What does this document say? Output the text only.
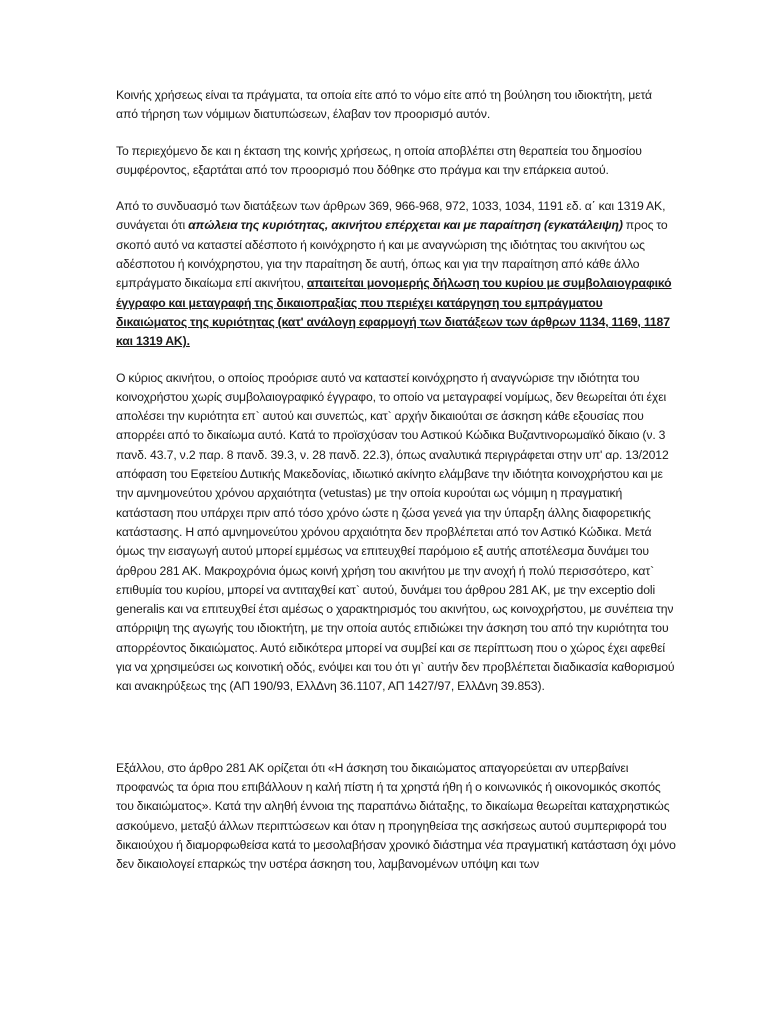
Κοινής χρήσεως είναι τα πράγματα, τα οποία είτε από το νόμο είτε από τη βούληση του ιδιοκτήτη, μετά από τήρηση των νόμιμων διατυπώσεων, έλαβαν τον προορισμό αυτόν.

Το περιεχόμενο δε και η έκταση της κοινής χρήσεως, η οποία αποβλέπει στη θεραπεία του δημοσίου συμφέροντος, εξαρτάται από τον προορισμό που δόθηκε στο πράγμα και την επάρκεια αυτού.

Από το συνδυασμό των διατάξεων των άρθρων 369, 966-968, 972, 1033, 1034, 1191 εδ. α΄ και 1319 ΑΚ, συνάγεται ότι απώλεια της κυριότητας, ακινήτου επέρχεται και με παραίτηση (εγκατάλειψη) προς το σκοπό αυτό να καταστεί αδέσποτο ή κοινόχρηστο ή και με αναγνώριση της ιδιότητας του ακινήτου ως αδέσποτου ή κοινόχρηστου, για την παραίτηση δε αυτή, όπως και για την παραίτηση από κάθε άλλο εμπράγματο δικαίωμα επί ακινήτου, απαιτείται μονομερής δήλωση του κυρίου με συμβολαιογραφικό έγγραφο και μεταγραφή της δικαιοπραξίας που περιέχει κατάργηση του εμπράγματου δικαιώματος της κυριότητας (κατ' ανάλογη εφαρμογή των διατάξεων των άρθρων 1134, 1169, 1187 και 1319 ΑΚ).

Ο κύριος ακινήτου, ο οποίος προόρισε αυτό να καταστεί κοινόχρηστο ή αναγνώρισε την ιδιότητα του κοινοχρήστου χωρίς συμβολαιογραφικό έγγραφο, το οποίο να μεταγραφεί νομίμως, δεν θεωρείται ότι έχει απολέσει την κυριότητα επ` αυτού και συνεπώς, κατ` αρχήν δικαιούται σε άσκηση κάθε εξουσίας που απορρέει από το δικαίωμα αυτό. Κατά το προϊσχύσαν του Αστικού Κώδικα Βυζαντινορωμαϊκό δίκαιο (ν. 3 πανδ. 43.7, ν.2 παρ. 8 πανδ. 39.3, ν. 28 πανδ. 22.3), όπως αναλυτικά περιγράφεται στην υπ' αρ. 13/2012 απόφαση του Εφετείου Δυτικής Μακεδονίας, ιδιωτικό ακίνητο ελάμβανε την ιδιότητα κοινοχρήστου και με την αμνημονεύτου χρόνου αρχαιότητα (vetustas) με την οποία κυρούται ως νόμιμη η πραγματική κατάσταση που υπάρχει πριν από τόσο χρόνο ώστε η ζώσα γενεά για την ύπαρξη άλλης διαφορετικής κατάστασης. Η από αμνημονεύτου χρόνου αρχαιότητα δεν προβλέπεται από τον Αστικό Κώδικα. Μετά όμως την εισαγωγή αυτού μπορεί εμμέσως να επιτευχθεί παρόμοιο εξ αυτής αποτέλεσμα δυνάμει του άρθρου 281 ΑΚ. Μακροχρόνια όμως κοινή χρήση του ακινήτου με την ανοχή ή πολύ περισσότερο, κατ` επιθυμία του κυρίου, μπορεί να αντιταχθεί κατ` αυτού, δυνάμει του άρθρου 281 ΑΚ, με την exceptio doli generalis και να επιτευχθεί έτσι αμέσως ο χαρακτηρισμός του ακινήτου, ως κοινοχρήστου, με συνέπεια την απόρριψη της αγωγής του ιδιοκτήτη, με την οποία αυτός επιδιώκει την άσκηση του από την κυριότητα του απορρέοντος δικαιώματος. Αυτό ειδικότερα μπορεί να συμβεί και σε περίπτωση που ο χώρος έχει αφεθεί για να χρησιμεύσει ως κοινοτική οδός, ενόψει και του ότι γι` αυτήν δεν προβλέπεται διαδικασία καθορισμού και ανακηρύξεως της (ΑΠ 190/93, ΕλλΔνη 36.1107, ΑΠ 1427/97, ΕλλΔνη 39.853).

Εξάλλου, στο άρθρο 281 ΑΚ ορίζεται ότι «Η άσκηση του δικαιώματος απαγορεύεται αν υπερβαίνει προφανώς τα όρια που επιβάλλουν η καλή πίστη ή τα χρηστά ήθη ή ο κοινωνικός ή οικονομικός σκοπός του δικαιώματος». Κατά την αληθή έννοια της παραπάνω διάταξης, το δικαίωμα θεωρείται καταχρηστικώς ασκούμενο, μεταξύ άλλων περιπτώσεων και όταν η προηγηθείσα της ασκήσεως αυτού συμπεριφορά του δικαιούχου ή διαμορφωθείσα κατά το μεσολαβήσαν χρονικό διάστημα νέα πραγματική κατάσταση όχι μόνο δεν δικαιολογεί επαρκώς την υστέρα άσκηση του, λαμβανομένων υπόψη και των
